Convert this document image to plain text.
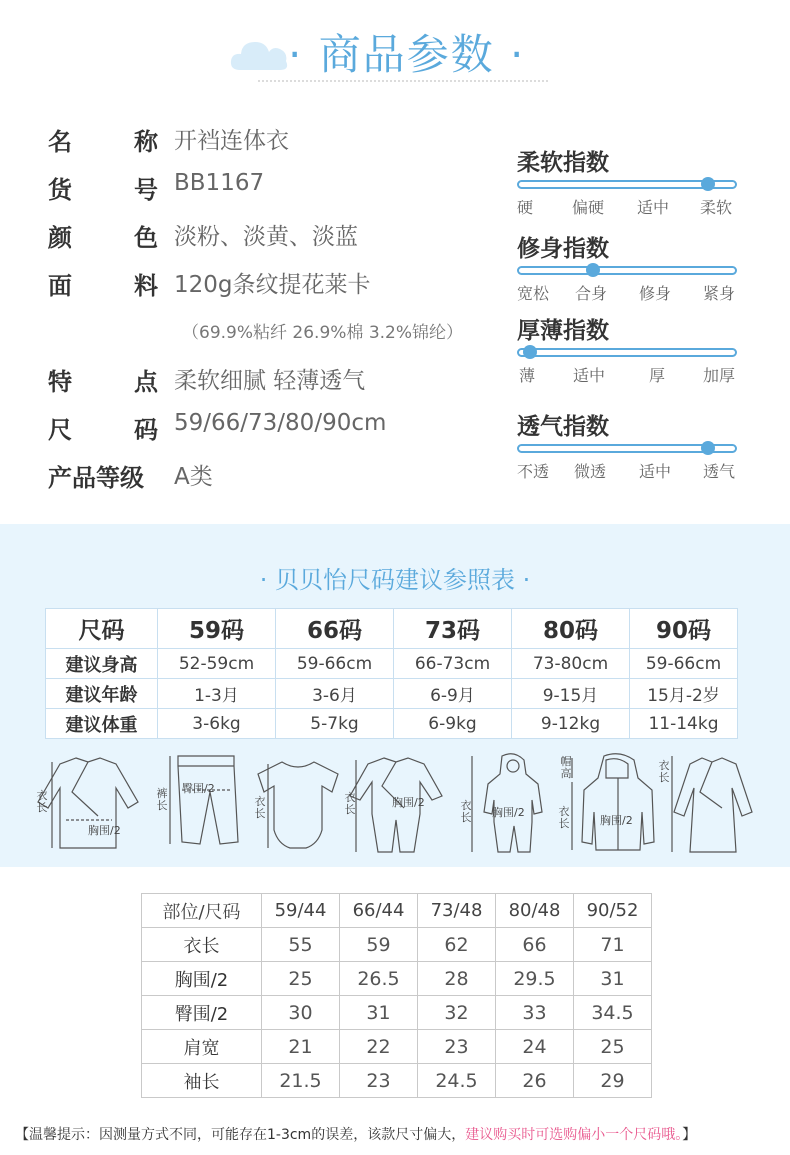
· 商品参数 ·
名	称 开裆连体衣
货	号 BB1167
颜	色 淡粉、淡黄、淡蓝
面	料 120g条纹提花莱卡
（69.9%粘纤 26.9%棉 3.2%锦纶）
特	点 柔软细腻 轻薄透气
尺	码 59/66/73/80/90cm
产品等级 A类
柔软指数
硬 偏硬 适中 柔软
修身指数
宽松 合身 修身 紧身
厚薄指数
薄 适中	厚 加厚
透气指数
不透 微透 适中 透气
· 贝贝怡尺码建议参照表 ·
尺码	59码	66码	73码	80码	90码
建议身高	52-59cm	59-66cm	66-73cm	73-80cm	59-66cm
建议年龄	1-3月	3-6月	6-9月	9-15月	15月-2岁
建议体重	3-6kg	5-7kg	6-9kg	9-12kg	11-14kg
衣长
胸围/2
裤长
臀围/2
衣长
衣长
胸围/2	衣长 胸围/2
帽高
衣长	胸围/2
衣长
部位/尺码	59/44	66/44	73/48	80/48	90/52
衣长	55	59	62	66	71
胸围/2	25	26.5	28	29.5	31
臀围/2	30	31	32	33	34.5
肩宽	21	22	23	24	25
袖长	21.5	23	24.5	26	29
【温馨提示：因测量方式不同，可能存在1-3cm的误差，该款尺寸偏大，建议购买时可选购偏小一个尺码哦。】
